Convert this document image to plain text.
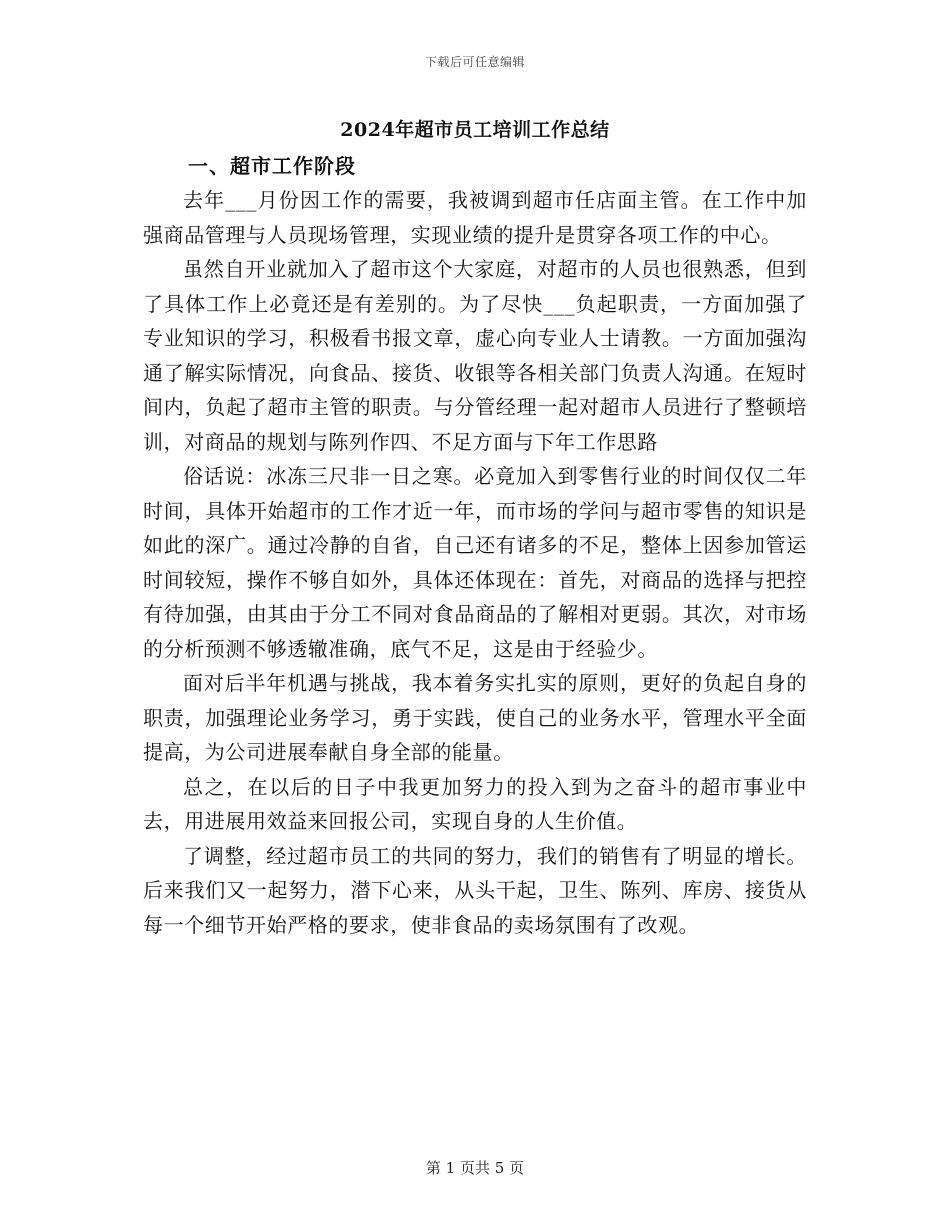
下载后可任意编辑
2024年超市员工培训工作总结
一、超市工作阶段

去年___月份因工作的需要，我被调到超市任店面主管。在工作中加强商品管理与人员现场管理，实现业绩的提升是贯穿各项工作的中心。

虽然自开业就加入了超市这个大家庭，对超市的人员也很熟悉，但到了具体工作上必竟还是有差别的。为了尽快___负起职责，一方面加强了专业知识的学习，积极看书报文章，虚心向专业人士请教。一方面加强沟通了解实际情况，向食品、接货、收银等各相关部门负责人沟通。在短时间内，负起了超市主管的职责。与分管经理一起对超市人员进行了整顿培训，对商品的规划与陈列作四、不足方面与下年工作思路

俗话说：冰冻三尺非一日之寒。必竟加入到零售行业的时间仅仅二年时间，具体开始超市的工作才近一年，而市场的学问与超市零售的知识是如此的深广。通过冷静的自省，自己还有诸多的不足，整体上因参加管运时间较短，操作不够自如外，具体还体现在：首先，对商品的选择与把控有待加强，由其由于分工不同对食品商品的了解相对更弱。其次，对市场的分析预测不够透辙准确，底气不足，这是由于经验少。

面对后半年机遇与挑战，我本着务实扎实的原则，更好的负起自身的职责，加强理论业务学习，勇于实践，使自己的业务水平，管理水平全面提高，为公司进展奉献自身全部的能量。

总之，在以后的日子中我更加努力的投入到为之奋斗的超市事业中去，用进展用效益来回报公司，实现自身的人生价值。

了调整，经过超市员工的共同的努力，我们的销售有了明显的增长。后来我们又一起努力，潜下心来，从头干起，卫生、陈列、库房、接货从每一个细节开始严格的要求，使非食品的卖场氛围有了改观。

第 1 页共 5 页
